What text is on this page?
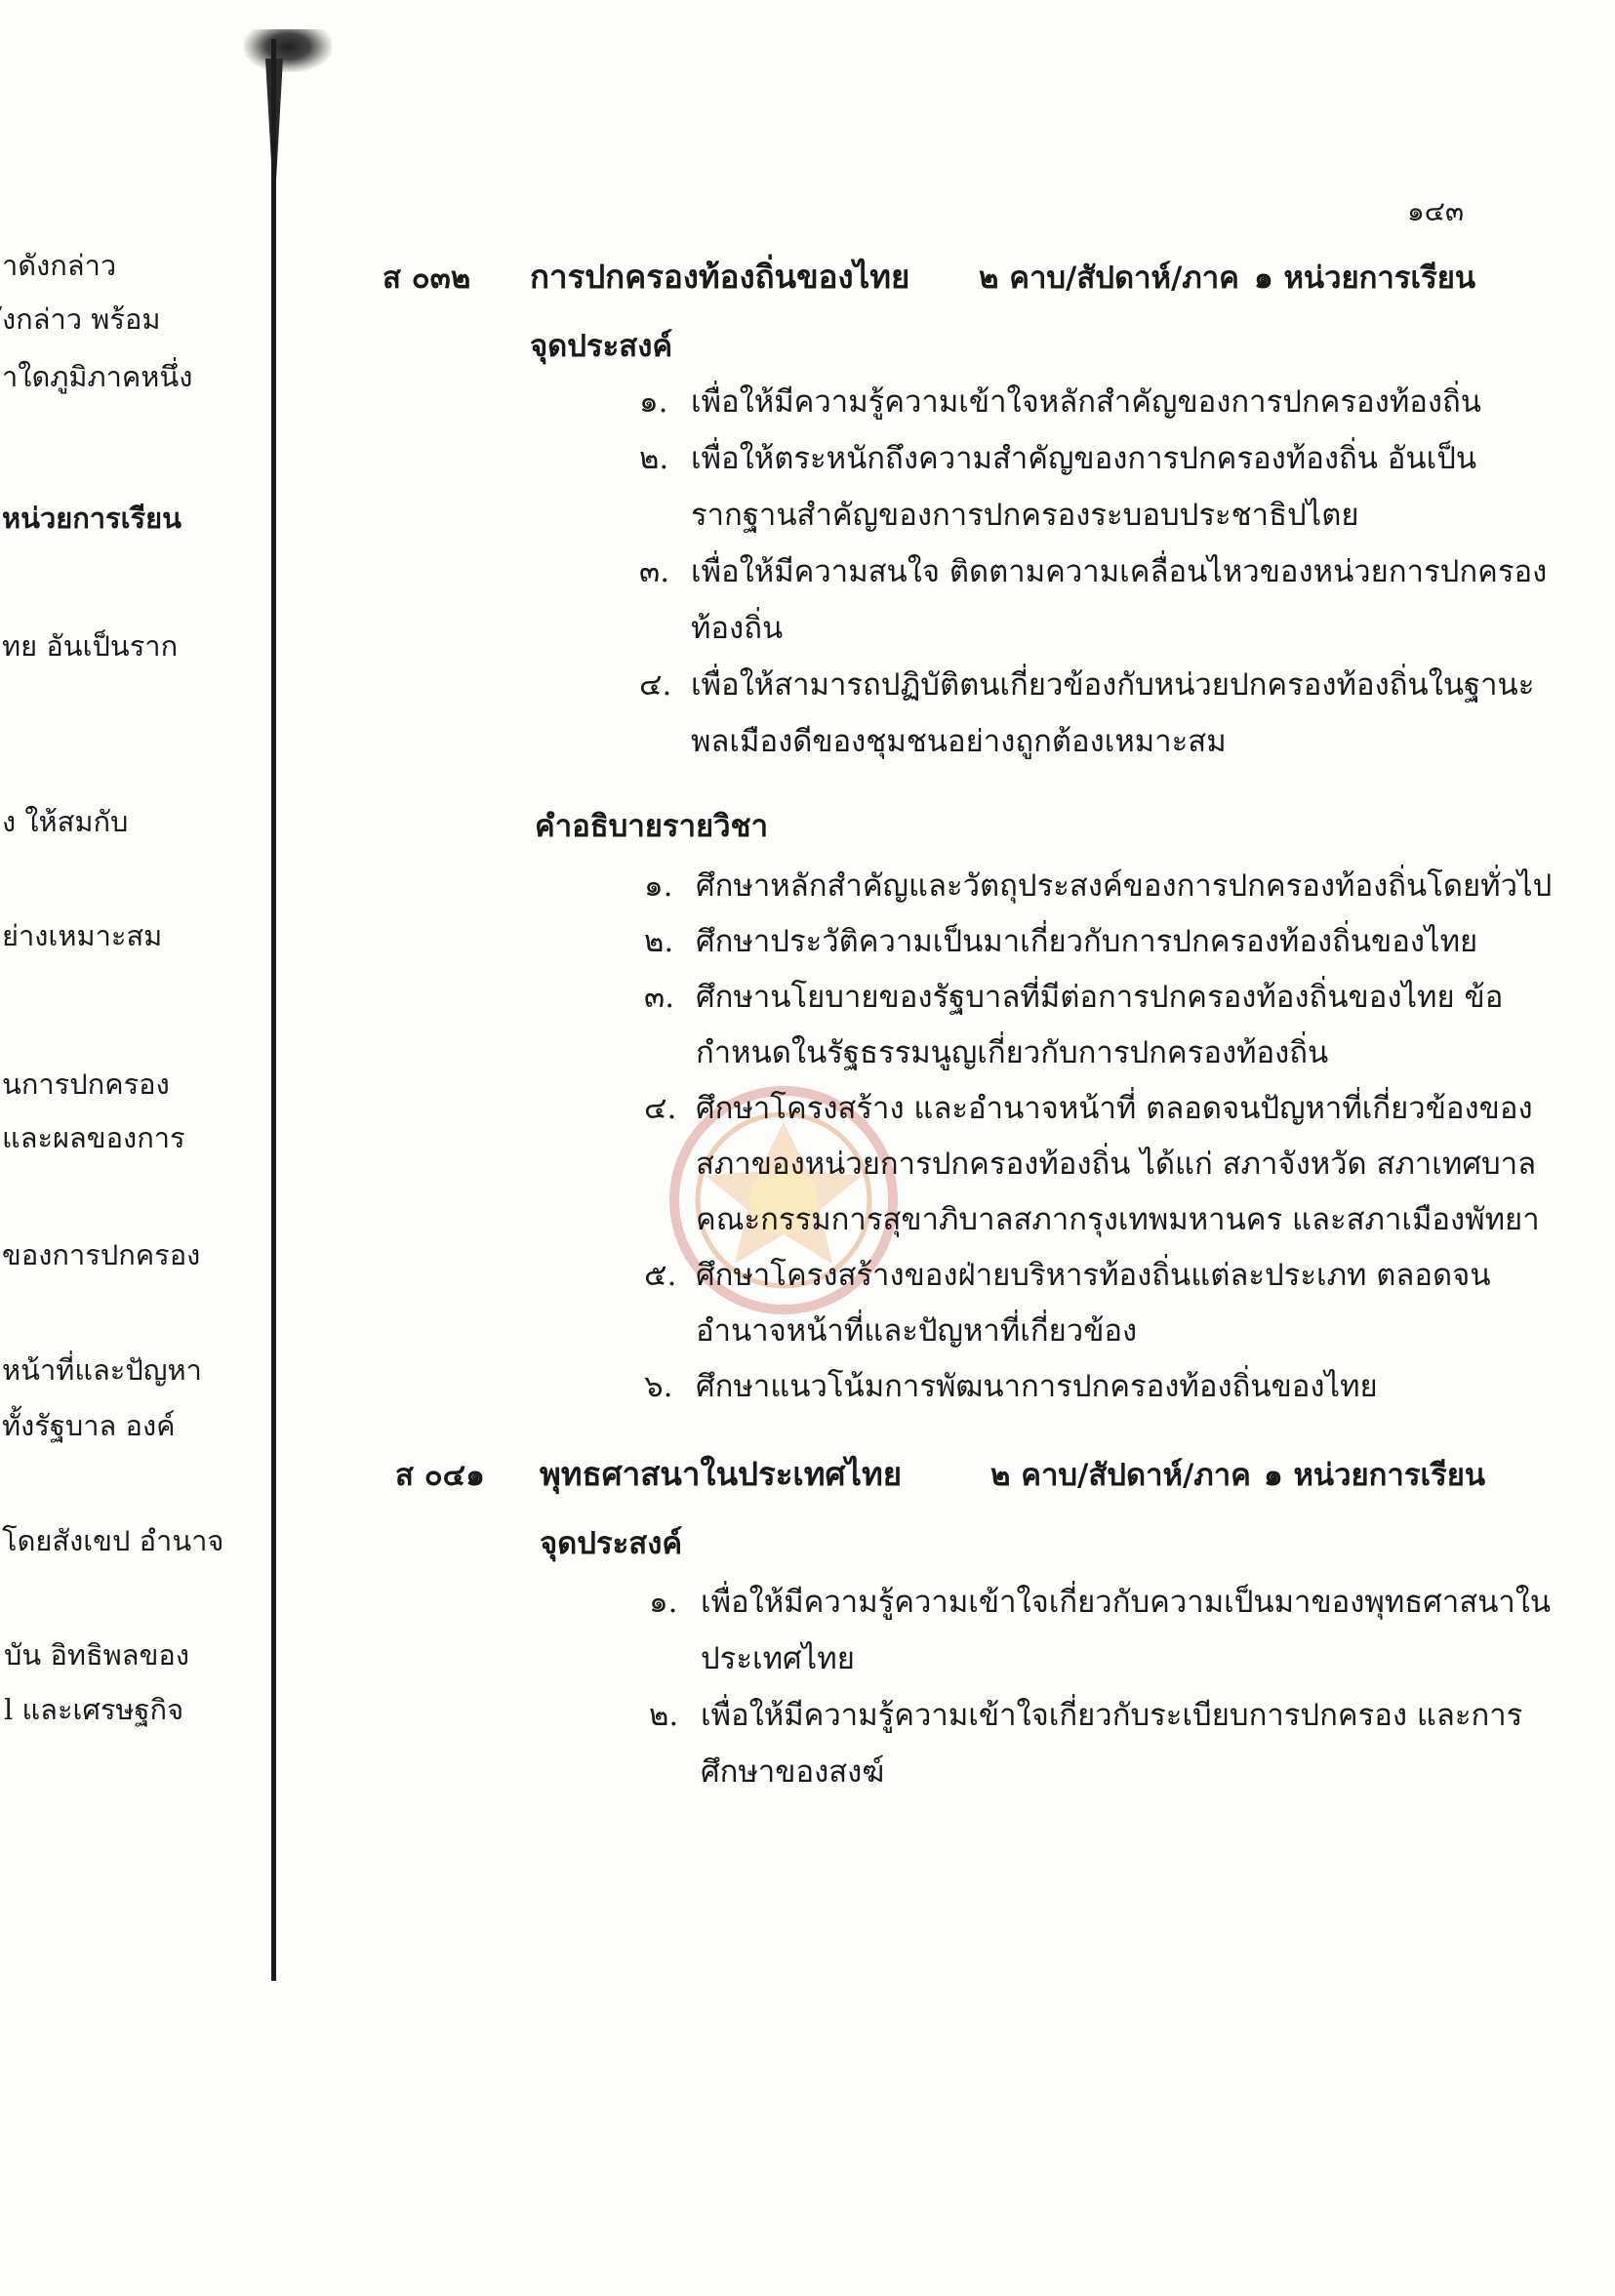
๑๔๓
าดังกล่าว
ังกล่าว พร้อม
าใดภูมิภาคหนึ่ง
หน่วยการเรียน
ทย อันเป็นราก
ง ให้สมกับ
ย่างเหมาะสม
นการปกครอง
และผลของการ
ของการปกครอง
หน้าที่และปัญหา
ทั้งรัฐบาล องค์
โดยสังเขป อำนาจ
บัน อิทธิพลของ
l และเศรษฐกิจ
ส ๐๓๒ การปกครองท้องถิ่นของไทย ๒ คาบ/สัปดาห์/ภาค ๑ หน่วยการเรียน
จุดประสงค์
๑. เพื่อให้มีความรู้ความเข้าใจหลักสำคัญของการปกครองท้องถิ่น
๒. เพื่อให้ตระหนักถึงความสำคัญของการปกครองท้องถิ่น อันเป็น
รากฐานสำคัญของการปกครองระบอบประชาธิปไตย
๓. เพื่อให้มีความสนใจ ติดตามความเคลื่อนไหวของหน่วยการปกครอง
ท้องถิ่น
๔. เพื่อให้สามารถปฏิบัติตนเกี่ยวข้องกับหน่วยปกครองท้องถิ่นในฐานะ
พลเมืองดีของชุมชนอย่างถูกต้องเหมาะสม
คำอธิบายรายวิชา
๑. ศึกษาหลักสำคัญและวัตถุประสงค์ของการปกครองท้องถิ่นโดยทั่วไป
๒. ศึกษาประวัติความเป็นมาเกี่ยวกับการปกครองท้องถิ่นของไทย
๓. ศึกษานโยบายของรัฐบาลที่มีต่อการปกครองท้องถิ่นของไทย ข้อ
กำหนดในรัฐธรรมนูญเกี่ยวกับการปกครองท้องถิ่น
๔. ศึกษาโครงสร้าง และอำนาจหน้าที่ ตลอดจนปัญหาที่เกี่ยวข้องของ
สภาของหน่วยการปกครองท้องถิ่น ได้แก่ สภาจังหวัด สภาเทศบาล
คณะกรรมการสุขาภิบาลสภากรุงเทพมหานคร และสภาเมืองพัทยา
๕. ศึกษาโครงสร้างของฝ่ายบริหารท้องถิ่นแต่ละประเภท ตลอดจน
อำนาจหน้าที่และปัญหาที่เกี่ยวข้อง
๖. ศึกษาแนวโน้มการพัฒนาการปกครองท้องถิ่นของไทย
ส ๐๔๑ พุทธศาสนาในประเทศไทย	๒ คาบ/สัปดาห์/ภาค ๑ หน่วยการเรียน
จุดประสงค์
๑. เพื่อให้มีความรู้ความเข้าใจเกี่ยวกับความเป็นมาของพุทธศาสนาใน
ประเทศไทย
๒. เพื่อให้มีความรู้ความเข้าใจเกี่ยวกับระเบียบการปกครอง และการ
ศึกษาของสงฆ์
